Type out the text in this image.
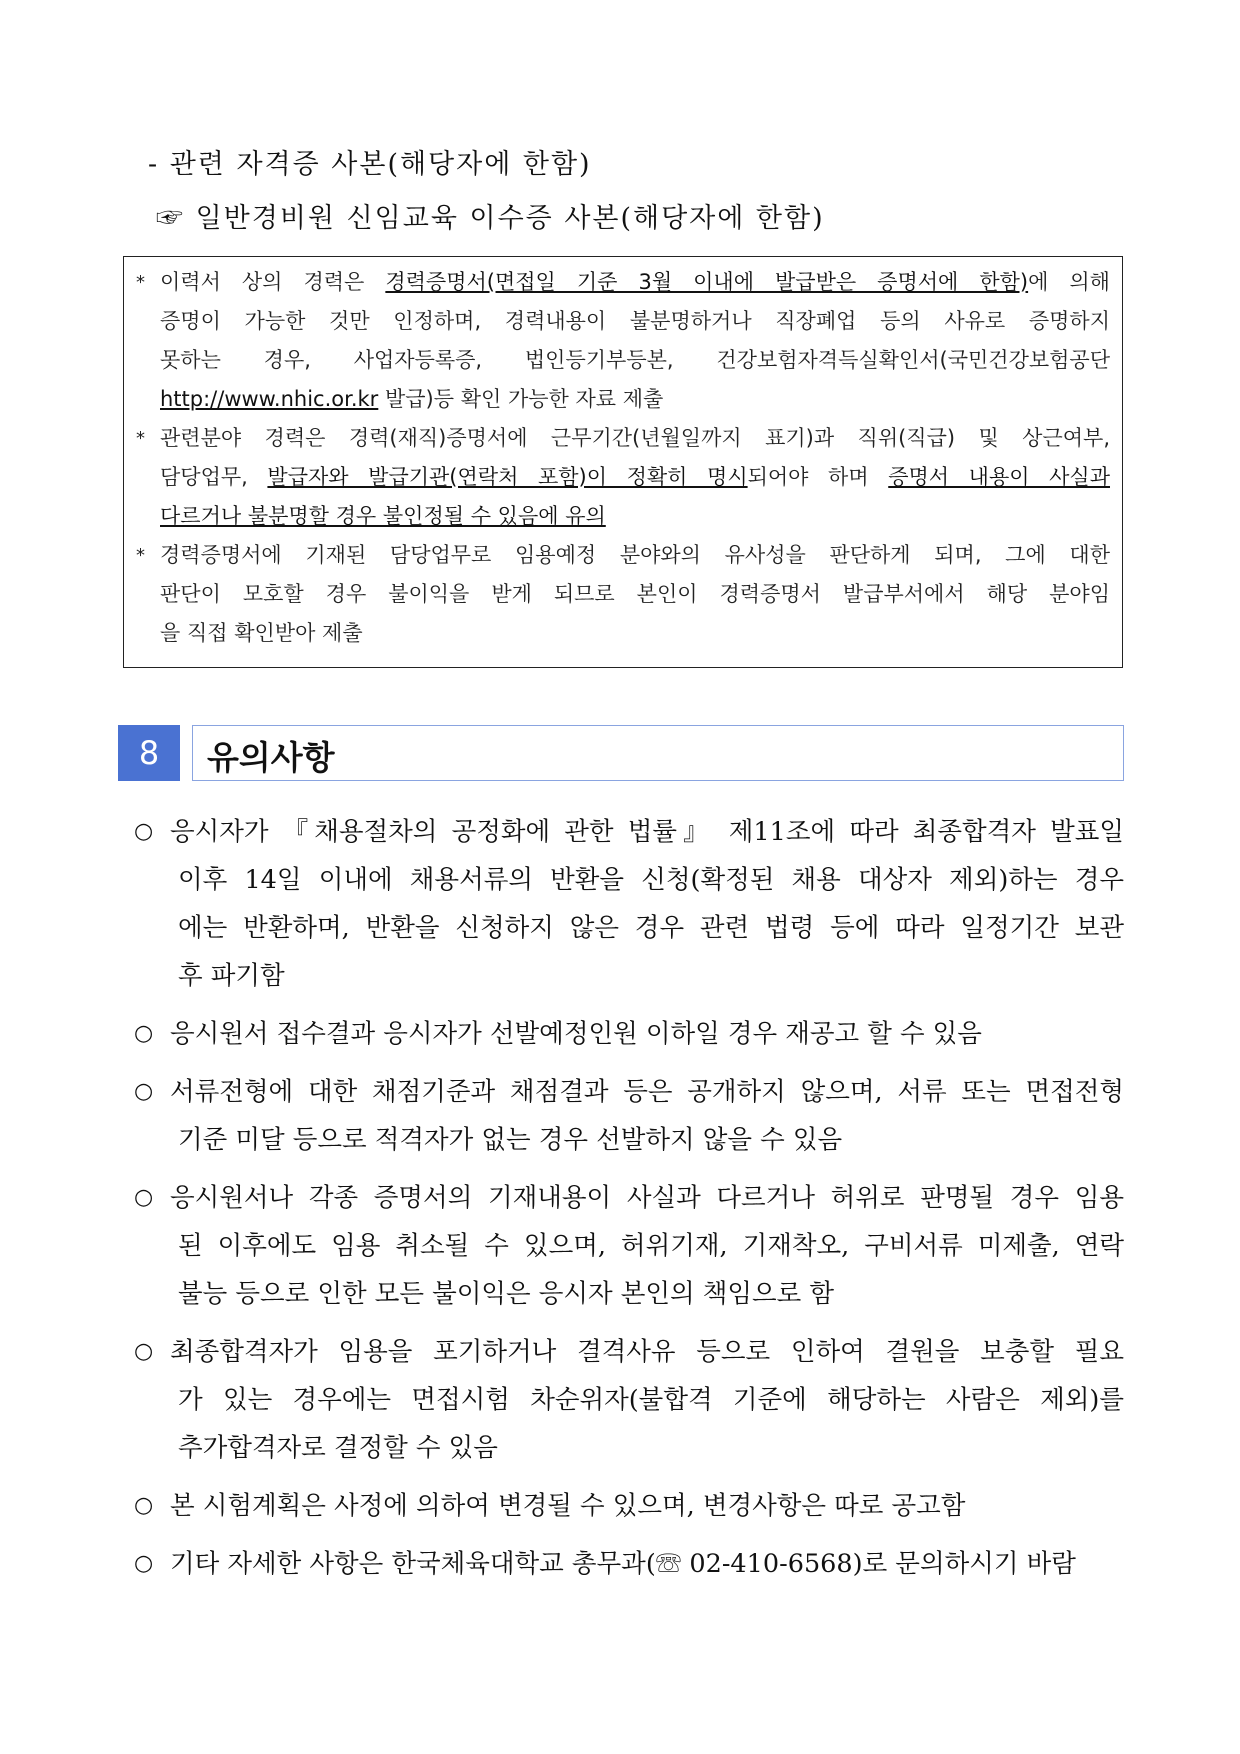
- 관련 자격증 사본(해당자에 한함)
☞ 일반경비원 신임교육 이수증 사본(해당자에 한함)
* 이력서 상의 경력은 경력증명서(면접일 기준 3월 이내에 발급받은 증명서에 한함)에 의해
증명이 가능한 것만 인정하며, 경력내용이 불분명하거나 직장폐업 등의 사유로 증명하지
못하는 경우, 사업자등록증, 법인등기부등본, 건강보험자격득실확인서(국민건강보험공단
http://www.nhic.or.kr 발급)등 확인 가능한 자료 제출
* 관련분야 경력은 경력(재직)증명서에 근무기간(년월일까지 표기)과 직위(직급) 및 상근여부,
담당업무, 발급자와 발급기관(연락처 포함)이 정확히 명시되어야 하며 증명서 내용이 사실과
다르거나 불분명할 경우 불인정될 수 있음에 유의
* 경력증명서에 기재된 담당업무로 임용예정 분야와의 유사성을 판단하게 되며, 그에 대한
판단이 모호할 경우 불이익을 받게 되므로 본인이 경력증명서 발급부서에서 해당 분야임
을 직접 확인받아 제출
8	유의사항
○ 응시자가 『채용절차의 공정화에 관한 법률』 제11조에 따라 최종합격자 발표일
이후 14일 이내에 채용서류의 반환을 신청(확정된 채용 대상자 제외)하는 경우
에는 반환하며, 반환을 신청하지 않은 경우 관련 법령 등에 따라 일정기간 보관
후 파기함
○ 응시원서 접수결과 응시자가 선발예정인원 이하일 경우 재공고 할 수 있음
○ 서류전형에 대한 채점기준과 채점결과 등은 공개하지 않으며, 서류 또는 면접전형
기준 미달 등으로 적격자가 없는 경우 선발하지 않을 수 있음
○ 응시원서나 각종 증명서의 기재내용이 사실과 다르거나 허위로 판명될 경우 임용
된 이후에도 임용 취소될 수 있으며, 허위기재, 기재착오, 구비서류 미제출, 연락
불능 등으로 인한 모든 불이익은 응시자 본인의 책임으로 함
○ 최종합격자가 임용을 포기하거나 결격사유 등으로 인하여 결원을 보충할 필요
가 있는 경우에는 면접시험 차순위자(불합격 기준에 해당하는 사람은 제외)를
추가합격자로 결정할 수 있음
○ 본 시험계획은 사정에 의하여 변경될 수 있으며, 변경사항은 따로 공고함
○ 기타 자세한 사항은 한국체육대학교 총무과(☏ 02-410-6568)로 문의하시기 바람
